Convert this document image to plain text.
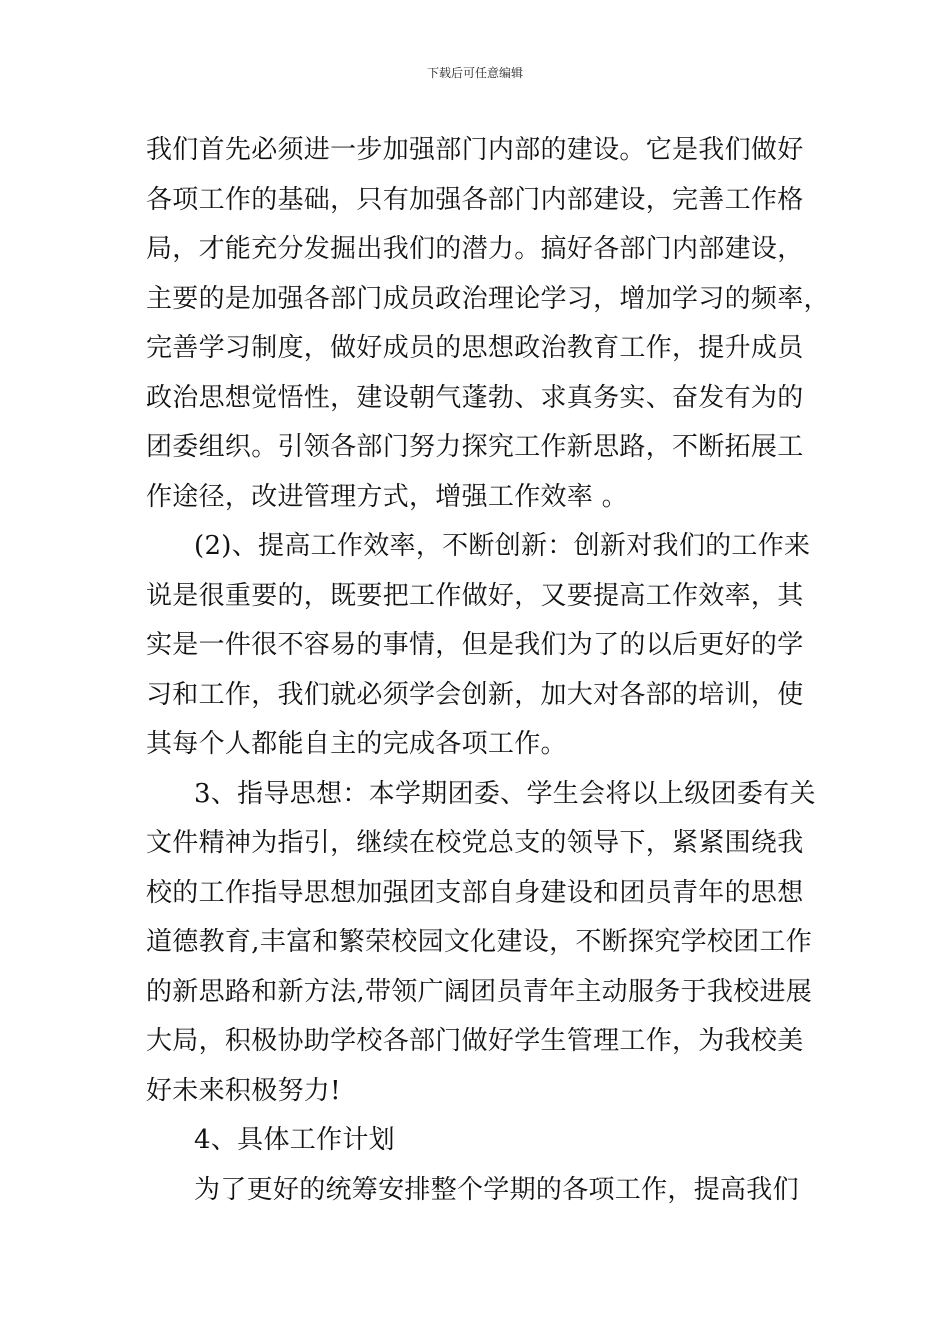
下载后可任意编辑
我们首先必须进一步加强部门内部的建设。它是我们做好
各项工作的基础，只有加强各部门内部建设，完善工作格
局，才能充分发掘出我们的潜力。搞好各部门内部建设，
主要的是加强各部门成员政治理论学习，增加学习的频率，
完善学习制度，做好成员的思想政治教育工作，提升成员
政治思想觉悟性，建设朝气蓬勃、求真务实、奋发有为的
团委组织。引领各部门努力探究工作新思路，不断拓展工
作途径，改进管理方式，增强工作效率 。
(2)、提高工作效率，不断创新：创新对我们的工作来
说是很重要的，既要把工作做好，又要提高工作效率，其
实是一件很不容易的事情，但是我们为了的以后更好的学
习和工作，我们就必须学会创新，加大对各部的培训，使
其每个人都能自主的完成各项工作。
3、指导思想：本学期团委、学生会将以上级团委有关
文件精神为指引，继续在校党总支的领导下，紧紧围绕我
校的工作指导思想加强团支部自身建设和团员青年的思想
道德教育,丰富和繁荣校园文化建设，不断探究学校团工作
的新思路和新方法,带领广阔团员青年主动服务于我校进展
大局，积极协助学校各部门做好学生管理工作，为我校美
好未来积极努力!
4、具体工作计划
为了更好的统筹安排整个学期的各项工作，提高我们
